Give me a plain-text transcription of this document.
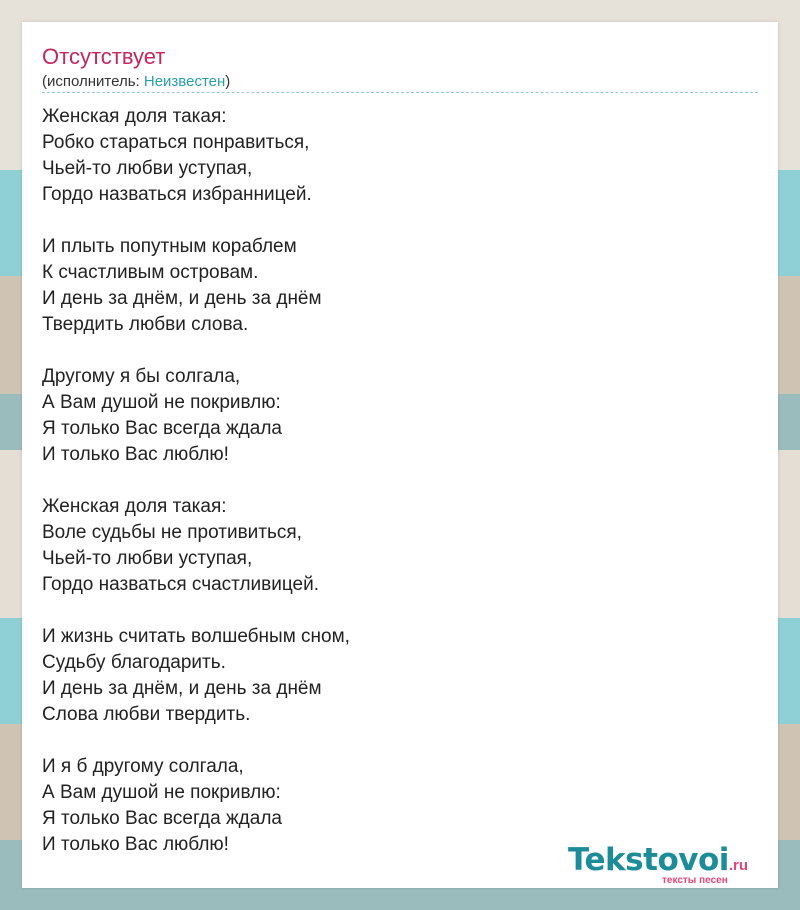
Отсутствует
(исполнитель: Неизвестен)
Женская доля такая:
Робко стараться понравиться,
Чьей-то любви уступая,
Гордо назваться избранницей.
И плыть попутным кораблем
К счастливым островам.
И день за днём, и день за днём
Твердить любви слова.
Другому я бы солгала,
А Вам душой не покривлю:
Я только Вас всегда ждала
И только Вас люблю!
Женская доля такая:
Воле судьбы не противиться,
Чьей-то любви уступая,
Гордо назваться счастливицей.
И жизнь считать волшебным сном,
Судьбу благодарить.
И день за днём, и день за днём
Слова любви твердить.
И я б другому солгала,
А Вам душой не покривлю:
Я только Вас всегда ждала
И только Вас люблю!	Tekstovoi.ru
тексты песен
